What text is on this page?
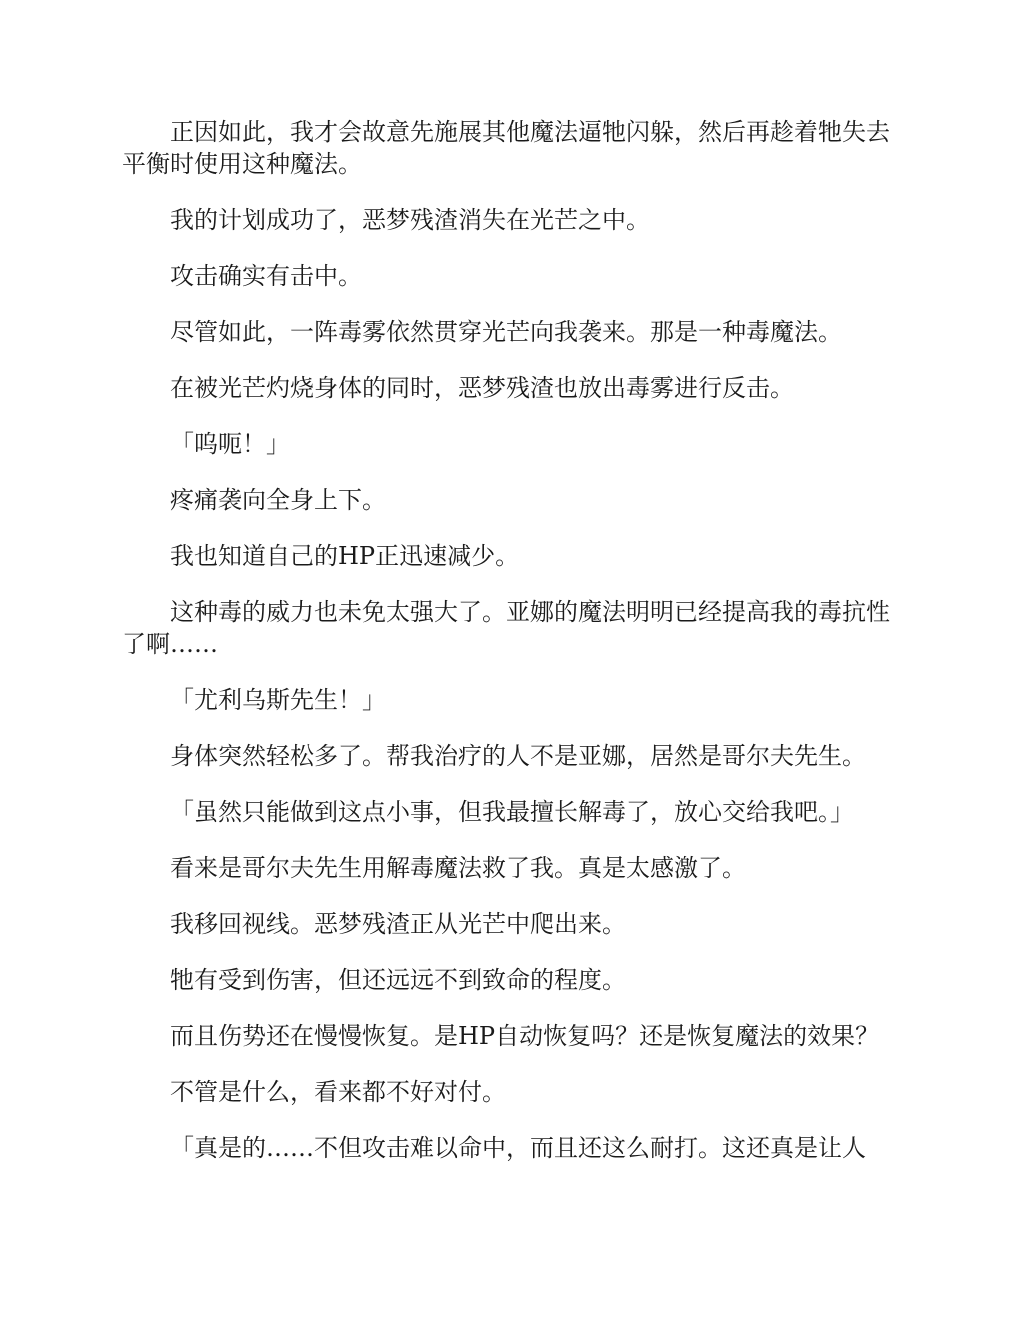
正因如此，我才会故意先施展其他魔法逼牠闪躲，然后再趁着牠失去平衡时使用这种魔法。

我的计划成功了，恶梦残渣消失在光芒之中。

攻击确实有击中。

尽管如此，一阵毒雾依然贯穿光芒向我袭来。那是一种毒魔法。

在被光芒灼烧身体的同时，恶梦残渣也放出毒雾进行反击。

「呜呃！」

疼痛袭向全身上下。

我也知道自己的HP正迅速减少。

这种毒的威力也未免太强大了。亚娜的魔法明明已经提高我的毒抗性了啊……

「尤利乌斯先生！」

身体突然轻松多了。帮我治疗的人不是亚娜，居然是哥尔夫先生。

「虽然只能做到这点小事，但我最擅长解毒了，放心交给我吧。」

看来是哥尔夫先生用解毒魔法救了我。真是太感激了。

我移回视线。恶梦残渣正从光芒中爬出来。

牠有受到伤害，但还远远不到致命的程度。

而且伤势还在慢慢恢复。是HP自动恢复吗？还是恢复魔法的效果？

不管是什么，看来都不好对付。

「真是的……不但攻击难以命中，而且还这么耐打。这还真是让人
